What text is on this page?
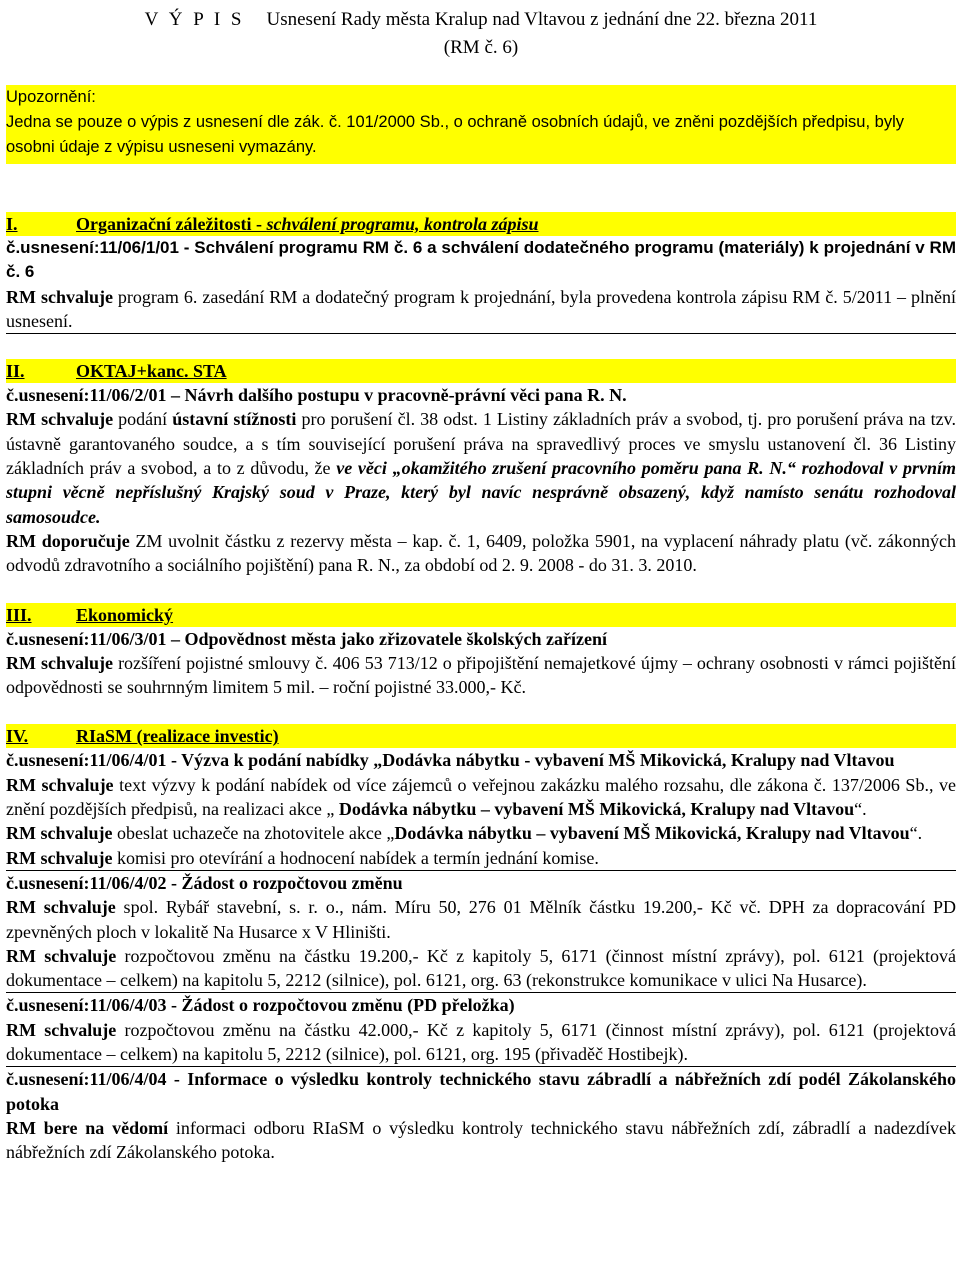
V Ý P I S Usnesení Rady města Kralup nad Vltavou z jednání dne 22. března 2011
(RM č. 6)
Upozornění:
Jedna se pouze o výpis z usnesení dle zák. č. 101/2000 Sb., o ochraně osobních údajů, ve zněni pozdějších předpisu, byly osobni údaje z výpisu usneseni vymazány.
I.	Organizační záležitosti - schválení programu, kontrola zápisu
č.usnesení:11/06/1/01 - Schválení programu RM č. 6 a schválení dodatečného programu (materiály) k projednání v RM č. 6
RM schvaluje program 6. zasedání RM a dodatečný program k projednání, byla provedena kontrola zápisu RM č. 5/2011 – plnění usnesení.
II.	OKTAJ+kanc. STA
č.usnesení:11/06/2/01 – Návrh dalšího postupu v pracovně-právní věci pana R. N.
RM schvaluje podání ústavní stížnosti pro porušení čl. 38 odst. 1 Listiny základních práv a svobod, tj. pro porušení práva na tzv. ústavně garantovaného soudce, a s tím související porušení práva na spravedlivý proces ve smyslu ustanovení čl. 36 Listiny základních práv a svobod, a to z důvodu, že ve věci „okamžitého zrušení pracovního poměru pana R. N.“ rozhodoval v prvním stupni věcně nepříslušný Krajský soud v Praze, který byl navíc nesprávně obsazený, když namísto senátu rozhodoval samosoudce.
RM doporučuje ZM uvolnit částku z rezervy města – kap. č. 1, 6409, položka 5901, na vyplacení náhrady platu (vč. zákonných odvodů zdravotního a sociálního pojištění) pana R. N., za období od 2. 9. 2008 - do 31. 3. 2010.
III. Ekonomický
č.usnesení:11/06/3/01 – Odpovědnost města jako zřizovatele školských zařízení
RM schvaluje rozšíření pojistné smlouvy č. 406 53 713/12 o připojištění nemajetkové újmy – ochrany osobnosti v rámci pojištění odpovědnosti se souhrnným limitem 5 mil. – roční pojistné 33.000,- Kč.
IV.	RIaSM (realizace investic)
č.usnesení:11/06/4/01 - Výzva k podání nabídky „Dodávka nábytku - vybavení MŠ Mikovická, Kralupy nad Vltavou
RM schvaluje text výzvy k podání nabídek od více zájemců o veřejnou zakázku malého rozsahu, dle zákona č. 137/2006 Sb., ve znění pozdějších předpisů, na realizaci akce „ Dodávka nábytku – vybavení MŠ Mikovická, Kralupy nad Vltavou“.
RM schvaluje obeslat uchazeče na zhotovitele akce „Dodávka nábytku – vybavení MŠ Mikovická, Kralupy nad Vltavou“.
RM schvaluje komisi pro otevírání a hodnocení nabídek a termín jednání komise.
č.usnesení:11/06/4/02 - Žádost o rozpočtovou změnu
RM schvaluje spol. Rybář stavební, s. r. o., nám. Míru 50, 276 01 Mělník částku 19.200,- Kč vč. DPH za dopracování PD zpevněných ploch v lokalitě Na Husarce x V Hliništi.
RM schvaluje rozpočtovou změnu na částku 19.200,- Kč z kapitoly 5, 6171 (činnost místní zprávy), pol. 6121 (projektová dokumentace – celkem) na kapitolu 5, 2212 (silnice), pol. 6121, org. 63 (rekonstrukce komunikace v ulici Na Husarce).
č.usnesení:11/06/4/03 - Žádost o rozpočtovou změnu (PD přeložka)
RM schvaluje rozpočtovou změnu na částku 42.000,- Kč z kapitoly 5, 6171 (činnost místní zprávy), pol. 6121 (projektová dokumentace – celkem) na kapitolu 5, 2212 (silnice), pol. 6121, org. 195 (přivaděč Hostibejk).
č.usnesení:11/06/4/04 - Informace o výsledku kontroly technického stavu zábradlí a nábřežních zdí podél Zákolanského potoka
RM bere na vědomí informaci odboru RIaSM o výsledku kontroly technického stavu nábřežních zdí, zábradlí a nadezdívek nábřežních zdí Zákolanského potoka.
